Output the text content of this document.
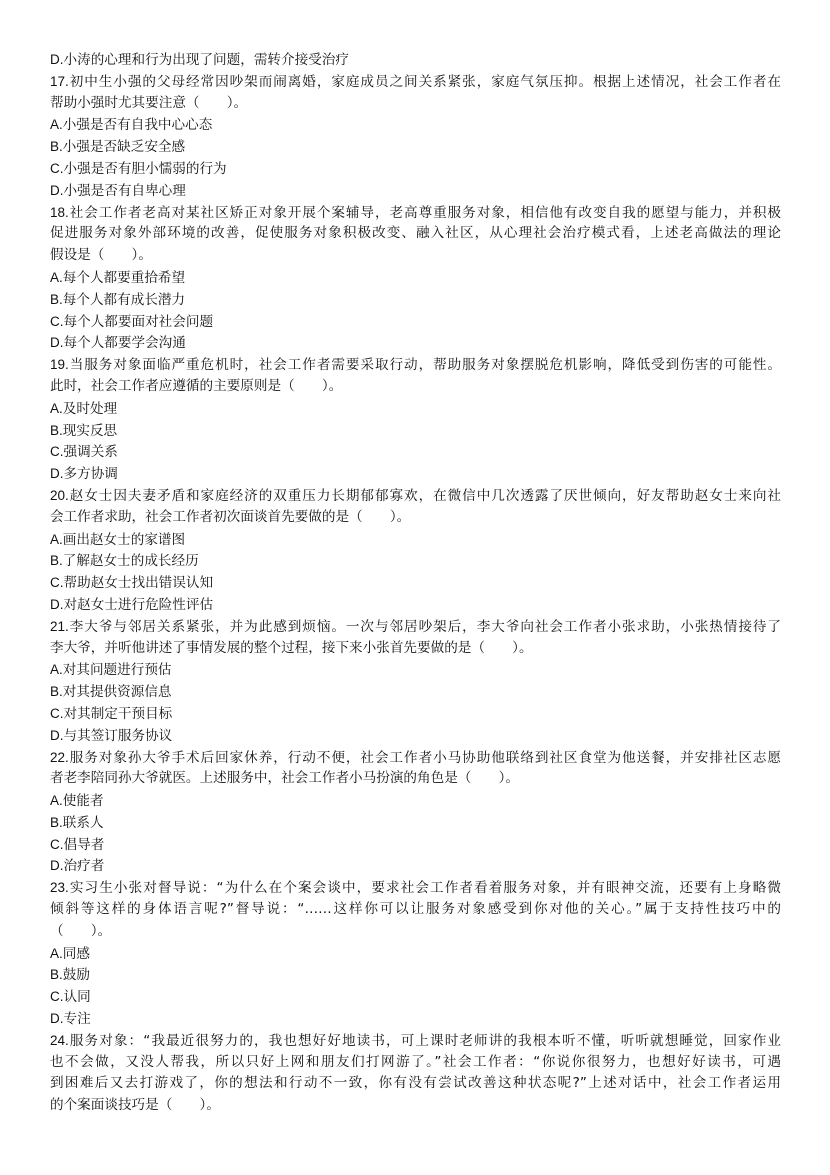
D.小涛的心理和行为出现了问题，需转介接受治疗
17.初中生小强的父母经常因吵架而闹离婚，家庭成员之间关系紧张，家庭气氛压抑。根据上述情况，社会工作者在
帮助小强时尤其要注意（　　）。
A.小强是否有自我中心心态
B.小强是否缺乏安全感
C.小强是否有胆小懦弱的行为
D.小强是否有自卑心理
18.社会工作者老高对某社区矫正对象开展个案辅导，老高尊重服务对象，相信他有改变自我的愿望与能力，并积极
促进服务对象外部环境的改善，促使服务对象积极改变、融入社区，从心理社会治疗模式看，上述老高做法的理论
假设是（　　）。
A.每个人都要重拾希望
B.每个人都有成长潜力
C.每个人都要面对社会问题
D.每个人都要学会沟通
19.当服务对象面临严重危机时，社会工作者需要采取行动，帮助服务对象摆脱危机影响，降低受到伤害的可能性。
此时，社会工作者应遵循的主要原则是（　　）。
A.及时处理
B.现实反思
C.强调关系
D.多方协调
20.赵女士因夫妻矛盾和家庭经济的双重压力长期郁郁寡欢，在微信中几次透露了厌世倾向，好友帮助赵女士来向社
会工作者求助，社会工作者初次面谈首先要做的是（　　）。
A.画出赵女士的家谱图
B.了解赵女士的成长经历
C.帮助赵女士找出错误认知
D.对赵女士进行危险性评估
21.李大爷与邻居关系紧张，并为此感到烦恼。一次与邻居吵架后，李大爷向社会工作者小张求助，小张热情接待了
李大爷，并听他讲述了事情发展的整个过程，接下来小张首先要做的是（　　）。
A.对其问题进行预估
B.对其提供资源信息
C.对其制定干预目标
D.与其签订服务协议
22.服务对象孙大爷手术后回家休养，行动不便，社会工作者小马协助他联络到社区食堂为他送餐，并安排社区志愿
者老李陪同孙大爷就医。上述服务中，社会工作者小马扮演的角色是（　　）。
A.使能者
B.联系人
C.倡导者
D.治疗者
23.实习生小张对督导说：“为什么在个案会谈中，要求社会工作者看着服务对象，并有眼神交流，还要有上身略微
倾斜等这样的身体语言呢?”督导说：“……这样你可以让服务对象感受到你对他的关心。”属于支持性技巧中的
（　　）。
A.同感
B.鼓励
C.认同
D.专注
24.服务对象：“我最近很努力的，我也想好好地读书，可上课时老师讲的我根本听不懂，听听就想睡觉，回家作业
也不会做，又没人帮我，所以只好上网和朋友们打网游了。”社会工作者：“你说你很努力，也想好好读书，可遇
到困难后又去打游戏了，你的想法和行动不一致，你有没有尝试改善这种状态呢?”上述对话中，社会工作者运用
的个案面谈技巧是（　　）。
